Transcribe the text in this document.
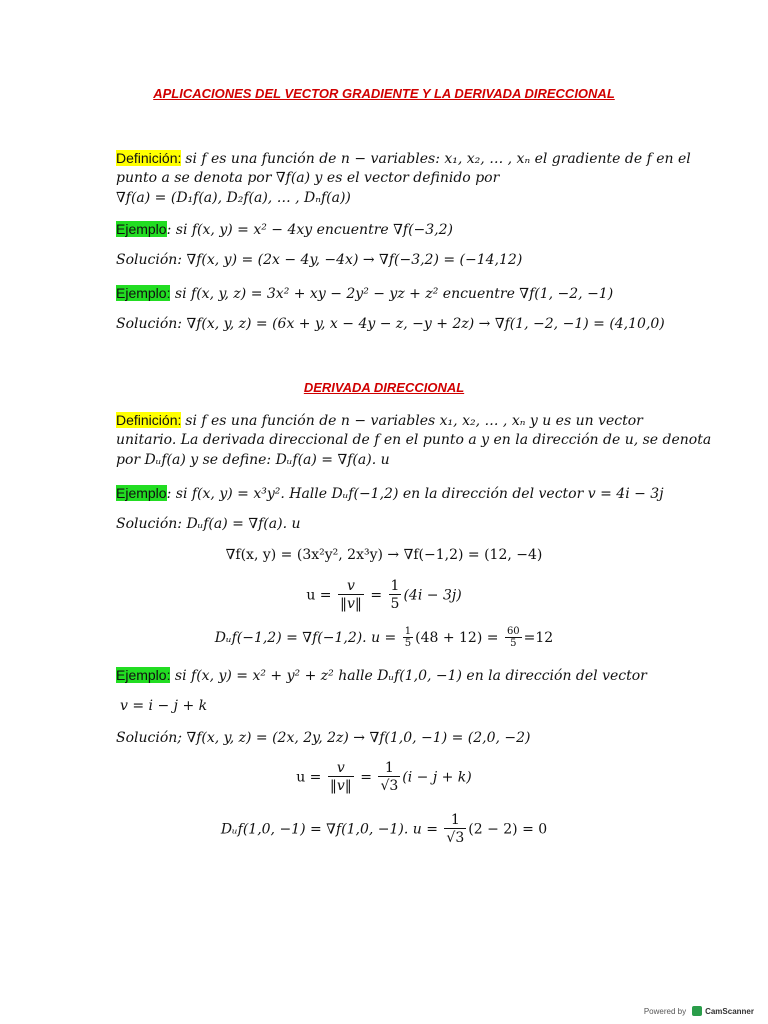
APLICACIONES DEL VECTOR GRADIENTE Y LA DERIVADA DIRECCIONAL
Definición: si f es una función de n − variables: x₁, x₂, … , xₙ el gradiente de f en el
punto a se denota por ∇f(a) y es el vector definido por
∇f(a) = (D₁f(a), D₂f(a), … , Dₙf(a))
Ejemplo: si f(x, y) = x² − 4xy encuentre ∇f(−3,2)
Solución: ∇f(x, y) = (2x − 4y, −4x) → ∇f(−3,2) = (−14,12)
Ejemplo: si f(x, y, z) = 3x² + xy − 2y² − yz + z² encuentre ∇f(1, −2, −1)
Solución: ∇f(x, y, z) = (6x + y, x − 4y − z, −y + 2z) → ∇f(1, −2, −1) = (4,10,0)
DERIVADA DIRECCIONAL
Definición: si f es una función de n − variables x₁, x₂, … , xₙ y u es un vector
unitario. La derivada direccional de f en el punto a y en la dirección de u, se denota
por Dᵤf(a) y se define: Dᵤf(a) = ∇f(a). u
Ejemplo: si f(x, y) = x³y². Halle Dᵤf(−1,2) en la dirección del vector v = 4i − 3j
Solución: Dᵤf(a) = ∇f(a). u
∇f(x, y) = (3x²y², 2x³y) → ∇f(−1,2) = (12, −4)
$u = \frac{v}{‖v‖} = \frac{1}{5} (4i - 3j)$
Dᵤf(−1,2) = ∇f(−1,2). $u = \frac{1}{5} (48 + 12) = \frac{60}{5} =12$
Ejemplo: si f(x, y) = x² + y² + z² halle Dᵤf(1,0, −1) en la dirección del vector
v = i − j + k
Solución; ∇f(x, y, z) = (2x, 2y, 2z) → ∇f(1,0, −1) = (2,0, −2)
$u = \frac{v}{‖v‖} = \frac{1}{√3} (i - j + k)$
Dᵤf(1,0, −1) = ∇f(1,0, −1). $u = \frac{1}{√3} (2 - 2) = 0$
Powered by CamScanner
